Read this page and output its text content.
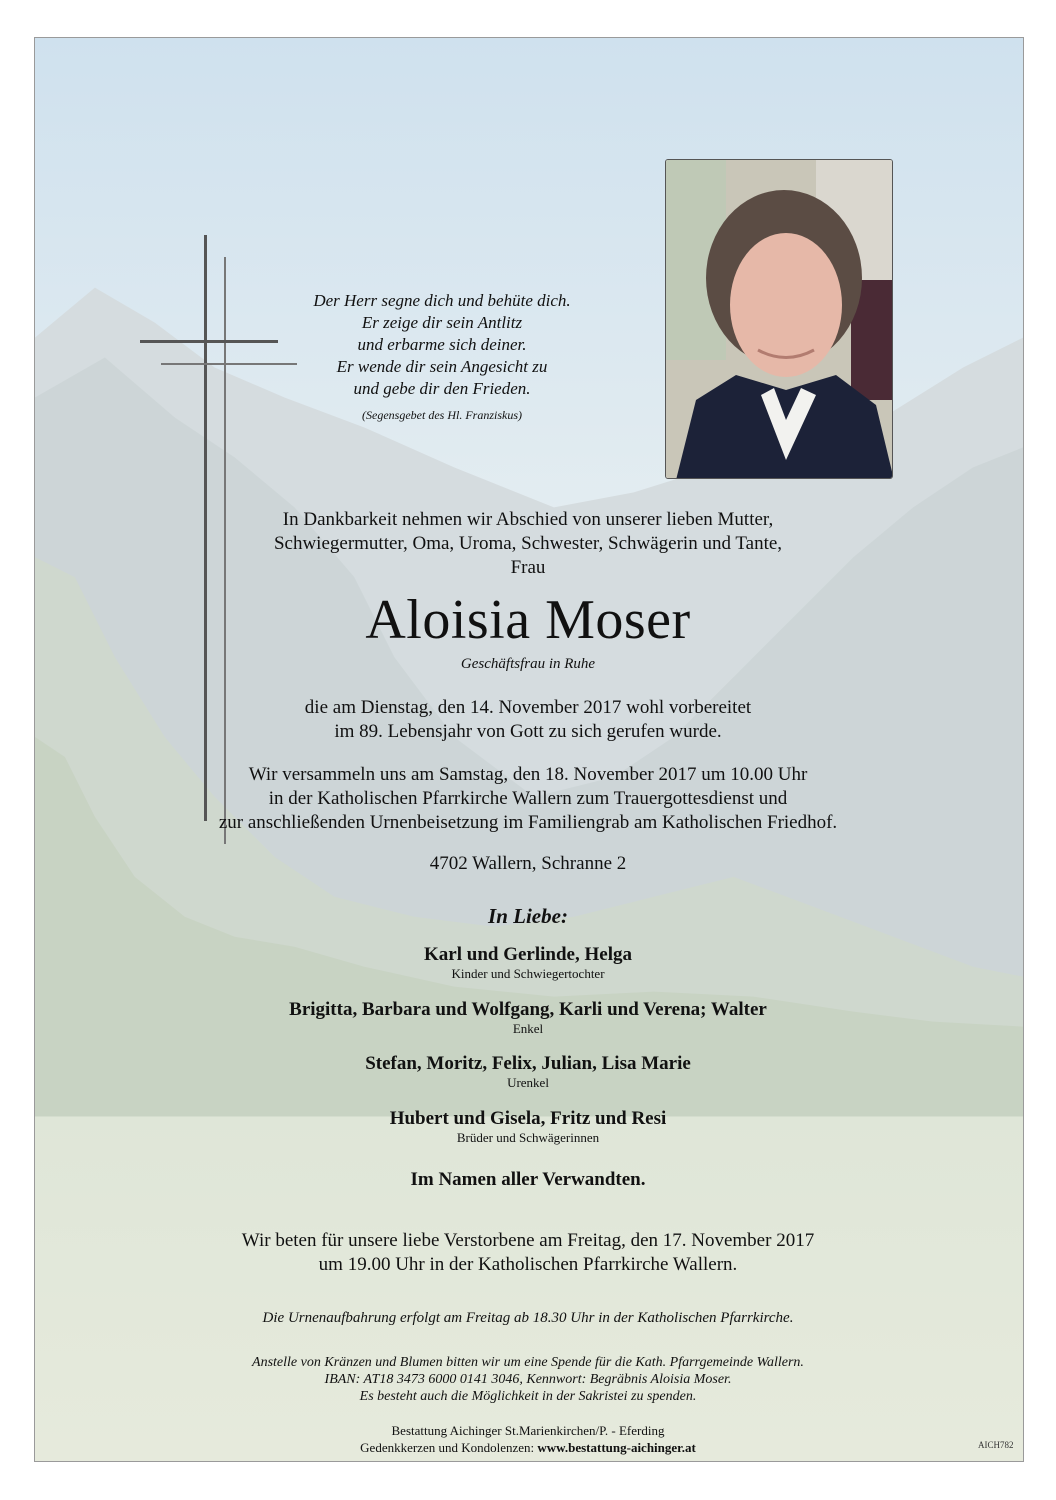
Der Herr segne dich und behüte dich.
Er zeige dir sein Antlitz
und erbarme sich deiner.
Er wende dir sein Angesicht zu
und gebe dir den Frieden.
(Segensgebet des Hl. Franziskus)
In Dankbarkeit nehmen wir Abschied von unserer lieben Mutter,
Schwiegermutter, Oma, Uroma, Schwester, Schwägerin und Tante,
Frau
Aloisia Moser
Geschäftsfrau in Ruhe
die am Dienstag, den 14. November 2017 wohl vorbereitet
im 89. Lebensjahr von Gott zu sich gerufen wurde.
Wir versammeln uns am Samstag, den 18. November 2017 um 10.00 Uhr
in der Katholischen Pfarrkirche Wallern zum Trauergottesdienst und
zur anschließenden Urnenbeisetzung im Familiengrab am Katholischen Friedhof.
4702 Wallern, Schranne 2
In Liebe:
Karl und Gerlinde, Helga
Kinder und Schwiegertochter
Brigitta, Barbara und Wolfgang, Karli und Verena; Walter
Enkel
Stefan, Moritz, Felix, Julian, Lisa Marie
Urenkel
Hubert und Gisela, Fritz und Resi
Brüder und Schwägerinnen
Im Namen aller Verwandten.
Wir beten für unsere liebe Verstorbene am Freitag, den 17. November 2017
um 19.00 Uhr in der Katholischen Pfarrkirche Wallern.
Die Urnenaufbahrung erfolgt am Freitag ab 18.30 Uhr in der Katholischen Pfarrkirche.
Anstelle von Kränzen und Blumen bitten wir um eine Spende für die Kath. Pfarrgemeinde Wallern.
IBAN: AT18 3473 6000 0141 3046, Kennwort: Begräbnis Aloisia Moser.
Es besteht auch die Möglichkeit in der Sakristei zu spenden.
Bestattung Aichinger St.Marienkirchen/P. - Eferding
Gedenkkerzen und Kondolenzen: www.bestattung-aichinger.at	AICH782
